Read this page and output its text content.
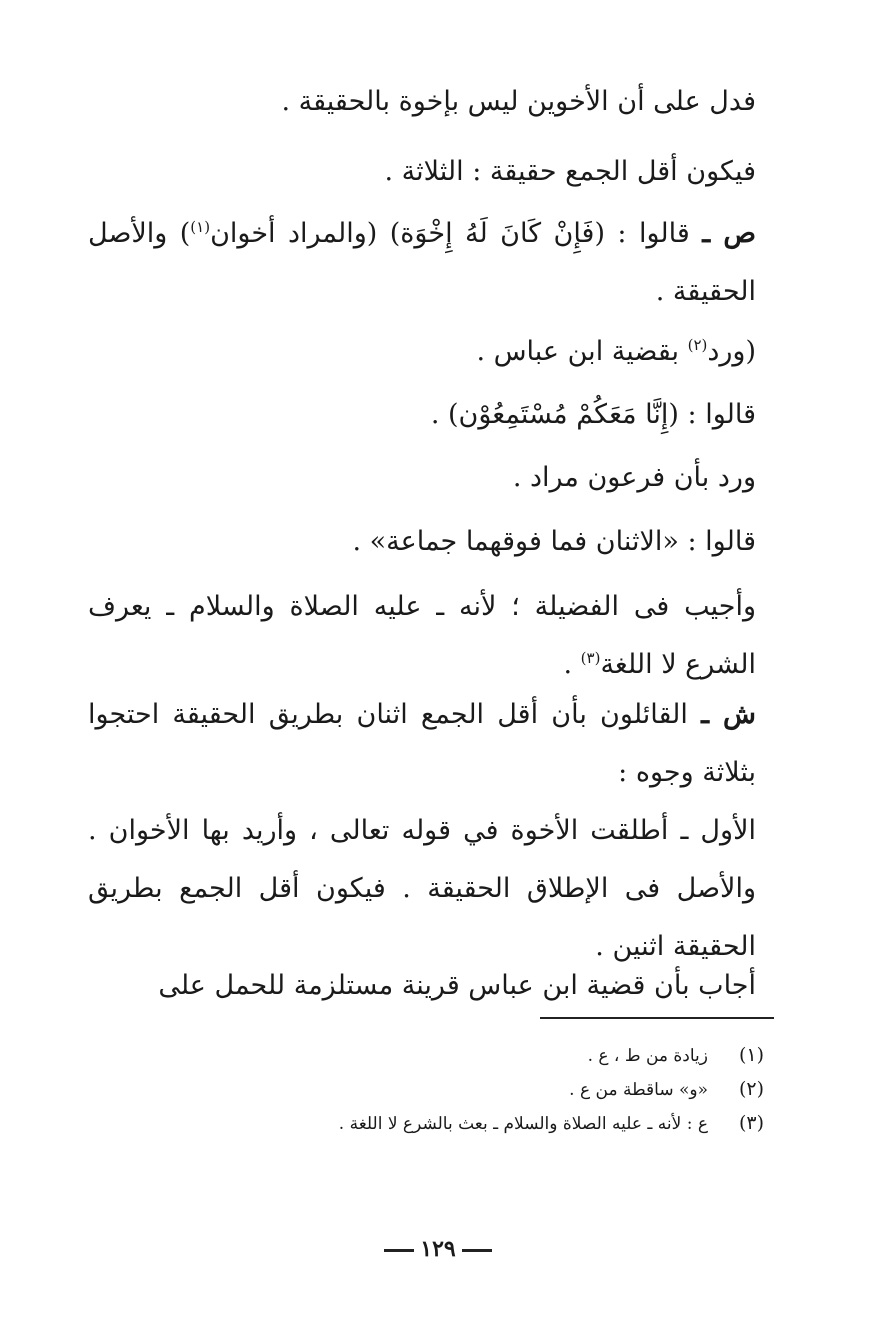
فدل على أن الأخوين ليس بإخوة بالحقيقة .
فيكون أقل الجمع حقيقة : الثلاثة .
ص ـ قالوا : (فَإِنْ كَانَ لَهُ إِخْوَة) (والمراد أخوان$^{(١)}$) والأصل الحقيقة .
(ورد$^{(٢)}$ بقضية ابن عباس .
قالوا : (إِنَّا مَعَكُمْ مُسْتَمِعُوْن) .
ورد بأن فرعون مراد .
قالوا : «الاثنان فما فوقهما جماعة» .
وأجيب فى الفضيلة ؛ لأنه ـ عليه الصلاة والسلام ـ يعرف الشرع لا اللغة$^{(٣)}$ .
ش ـ القائلون بأن أقل الجمع اثنان بطريق الحقيقة احتجوا بثلاثة وجوه :
الأول ـ أطلقت الأخوة في قوله تعالى ، وأريد بها الأخوان . والأصل فى الإطلاق الحقيقة . فيكون أقل الجمع بطريق الحقيقة اثنين .
أجاب بأن قضية ابن عباس قرينة مستلزمة للحمل على
(١)زيادة من ط ، ع .
(٢)«و» ساقطة من ع .
(٣)ع : لأنه ـ عليه الصلاة والسلام ـ بعث بالشرع لا اللغة .
١٢٩
